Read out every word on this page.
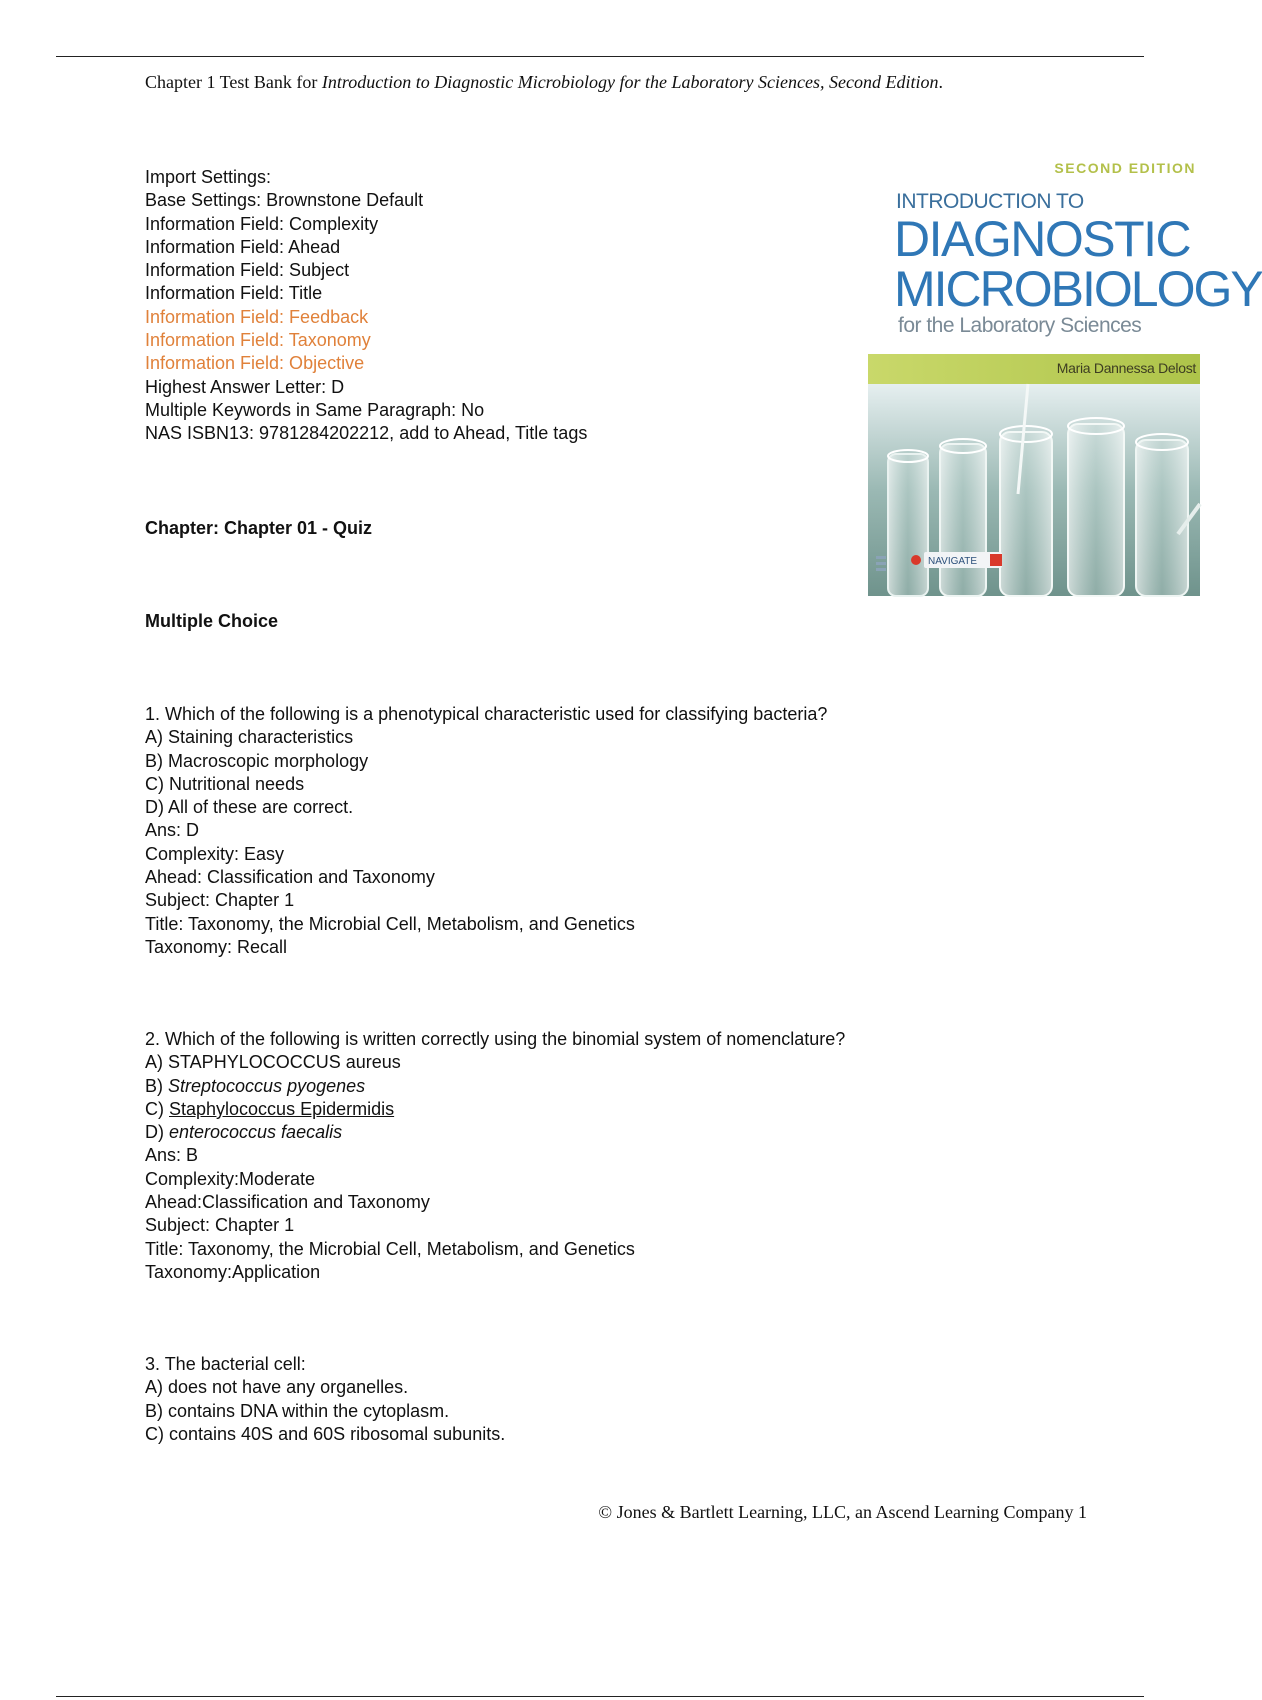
Chapter 1 Test Bank for Introduction to Diagnostic Microbiology for the Laboratory Sciences, Second Edition.
Import Settings:
Base Settings: Brownstone Default
Information Field: Complexity
Information Field: Ahead
Information Field: Subject
Information Field: Title
Information Field: Feedback
Information Field: Taxonomy
Information Field: Objective
Highest Answer Letter: D
Multiple Keywords in Same Paragraph: No
NAS ISBN13: 9781284202212, add to Ahead, Title tags
Chapter: Chapter 01 - Quiz
Multiple Choice
1. Which of the following is a phenotypical characteristic used for classifying bacteria?
A) Staining characteristics
B) Macroscopic morphology
C) Nutritional needs
D) All of these are correct.
Ans: D
Complexity: Easy
Ahead: Classification and Taxonomy
Subject: Chapter 1
Title: Taxonomy, the Microbial Cell, Metabolism, and Genetics
Taxonomy: Recall
2. Which of the following is written correctly using the binomial system of nomenclature?
A) STAPHYLOCOCCUS aureus
B) Streptococcus pyogenes
C) Staphylococcus Epidermidis
D) enterococcus faecalis
Ans: B
Complexity:Moderate
Ahead:Classification and Taxonomy
Subject: Chapter 1
Title: Taxonomy, the Microbial Cell, Metabolism, and Genetics
Taxonomy:Application
3. The bacterial cell:
A) does not have any organelles.
B) contains DNA within the cytoplasm.
C) contains 40S and 60S ribosomal subunits.
© Jones & Bartlett Learning, LLC, an Ascend Learning Company 1
SECOND EDITION
INTRODUCTION TO
DIAGNOSTIC
MICROBIOLOGY
for the Laboratory Sciences
Maria Dannessa Delost
NAVIGATE
